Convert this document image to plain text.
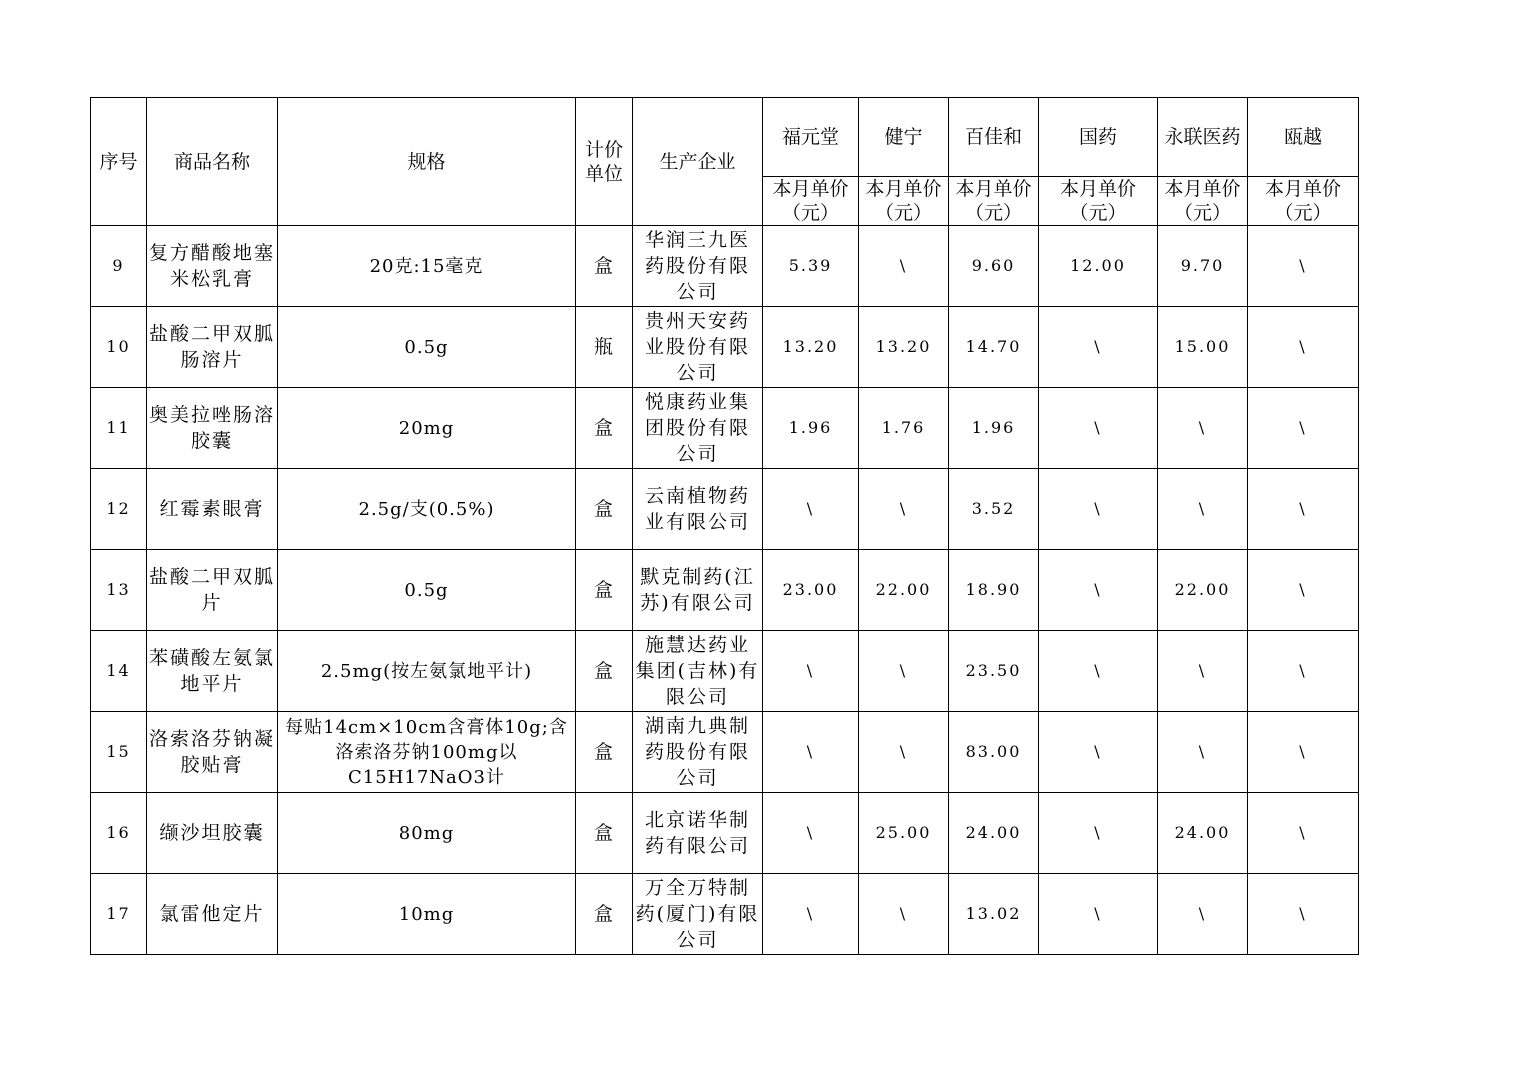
序号	商品名称	规格	计价单位	生产企业	福元堂	健宁	百佳和	国药	永联医药	瓯越
					本月单价（元）	本月单价（元）	本月单价（元）	本月单价（元）	本月单价（元）	本月单价（元）
9	复方醋酸地塞米松乳膏	20克:15毫克	盒	华润三九医药股份有限公司	5.39	\	9.60	12.00	9.70	\
10	盐酸二甲双胍肠溶片	0.5g	瓶	贵州天安药业股份有限公司	13.20	13.20	14.70	\	15.00	\
11	奥美拉唑肠溶胶囊	20mg	盒	悦康药业集团股份有限公司	1.96	1.76	1.96	\	\	\
12	红霉素眼膏	2.5g/支(0.5%)	盒	云南植物药业有限公司	\	\	3.52	\	\	\
13	盐酸二甲双胍片	0.5g	盒	默克制药(江苏)有限公司	23.00	22.00	18.90	\	22.00	\
14	苯磺酸左氨氯地平片	2.5mg(按左氨氯地平计)	盒	施慧达药业集团(吉林)有限公司	\	\	23.50	\	\	\
15	洛索洛芬钠凝胶贴膏	每贴14cm×10cm含膏体10g;含洛索洛芬钠100mg以C15H17NaO3计	盒	湖南九典制药股份有限公司	\	\	83.00	\	\	\
16	缬沙坦胶囊	80mg	盒	北京诺华制药有限公司	\	25.00	24.00	\	24.00	\
17	氯雷他定片	10mg	盒	万全万特制药(厦门)有限公司	\	\	13.02	\	\	\
